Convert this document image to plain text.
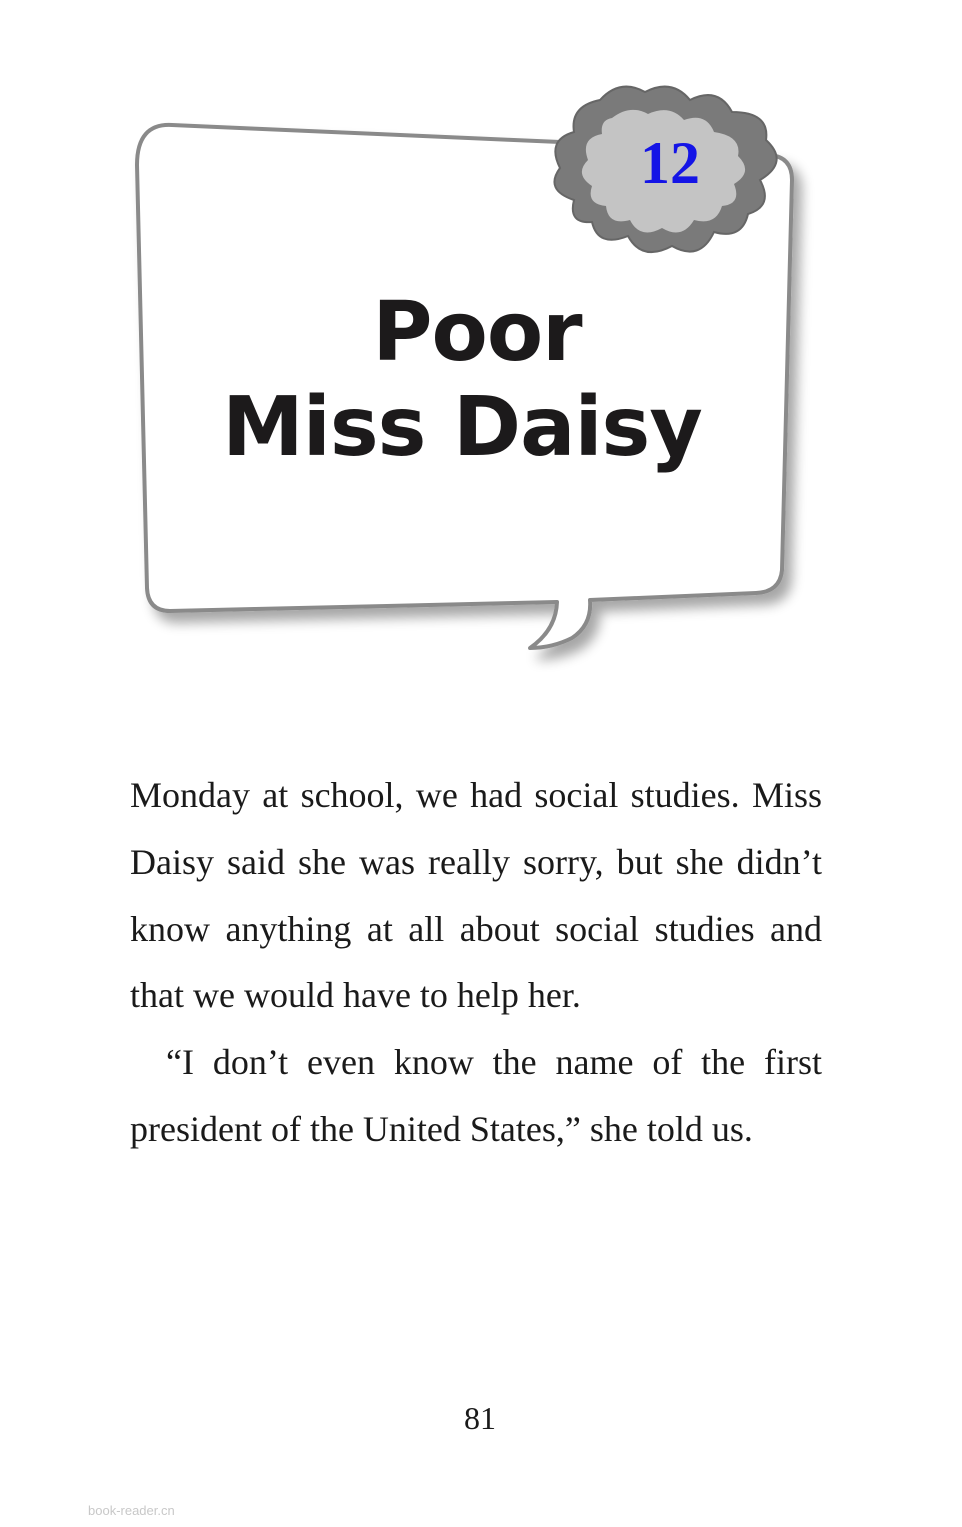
12
Poor
Miss Daisy

Monday at school, we had social studies. Miss Daisy said she was really sorry, but she didn’t know anything at all about social studies and that we would have to help her.

“I don’t even know the name of the first president of the United States,” she told us.

81
book-reader.cn
